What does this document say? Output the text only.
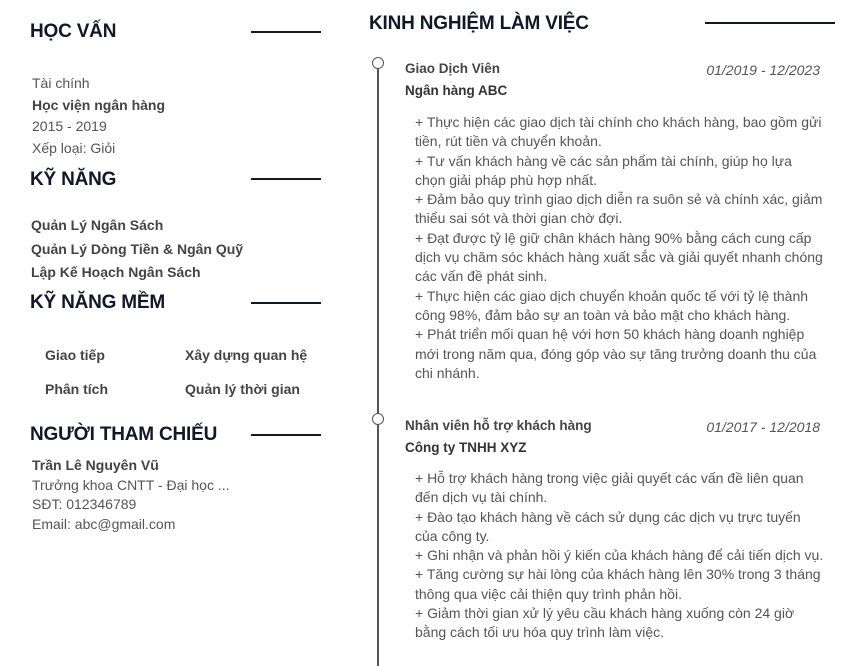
HỌC VẤN
Tài chính
Học viện ngân hàng
2015 - 2019
Xếp loại: Giỏi
KỸ NĂNG
Quản Lý Ngân Sách
Quản Lý Dòng Tiền & Ngân Quỹ
Lập Kế Hoạch Ngân Sách
KỸ NĂNG MỀM
Giao tiếp	Xây dựng quan hệ
Phân tích	Quản lý thời gian
NGƯỜI THAM CHIẾU
Trần Lê Nguyên Vũ
Trưởng khoa CNTT - Đại học ...
SĐT: 012346789
Email: abc@gmail.com
KINH NGHIỆM LÀM VIỆC
Giao Dịch Viên	01/2019 - 12/2023
Ngân hàng ABC

+ Thực hiện các giao dịch tài chính cho khách hàng, bao gồm gửi tiền, rút tiền và chuyển khoản.

+ Tư vấn khách hàng về các sản phẩm tài chính, giúp họ lựa chọn giải pháp phù hợp nhất.

+ Đảm bảo quy trình giao dịch diễn ra suôn sẻ và chính xác, giảm thiểu sai sót và thời gian chờ đợi.

+ Đạt được tỷ lệ giữ chân khách hàng 90% bằng cách cung cấp dịch vụ chăm sóc khách hàng xuất sắc và giải quyết nhanh chóng các vấn đề phát sinh.

+ Thực hiện các giao dịch chuyển khoản quốc tế với tỷ lệ thành công 98%, đảm bảo sự an toàn và bảo mật cho khách hàng.

+ Phát triển mối quan hệ với hơn 50 khách hàng doanh nghiệp mới trong năm qua, đóng góp vào sự tăng trưởng doanh thu của chi nhánh.

Nhân viên hỗ trợ khách hàng	01/2017 - 12/2018
Công ty TNHH XYZ

+ Hỗ trợ khách hàng trong việc giải quyết các vấn đề liên quan đến dịch vụ tài chính.

+ Đào tạo khách hàng về cách sử dụng các dịch vụ trực tuyến của công ty.

+ Ghi nhận và phản hồi ý kiến của khách hàng để cải tiến dịch vụ.

+ Tăng cường sự hài lòng của khách hàng lên 30% trong 3 tháng thông qua việc cải thiện quy trình phản hồi.

+ Giảm thời gian xử lý yêu cầu khách hàng xuống còn 24 giờ bằng cách tối ưu hóa quy trình làm việc.
